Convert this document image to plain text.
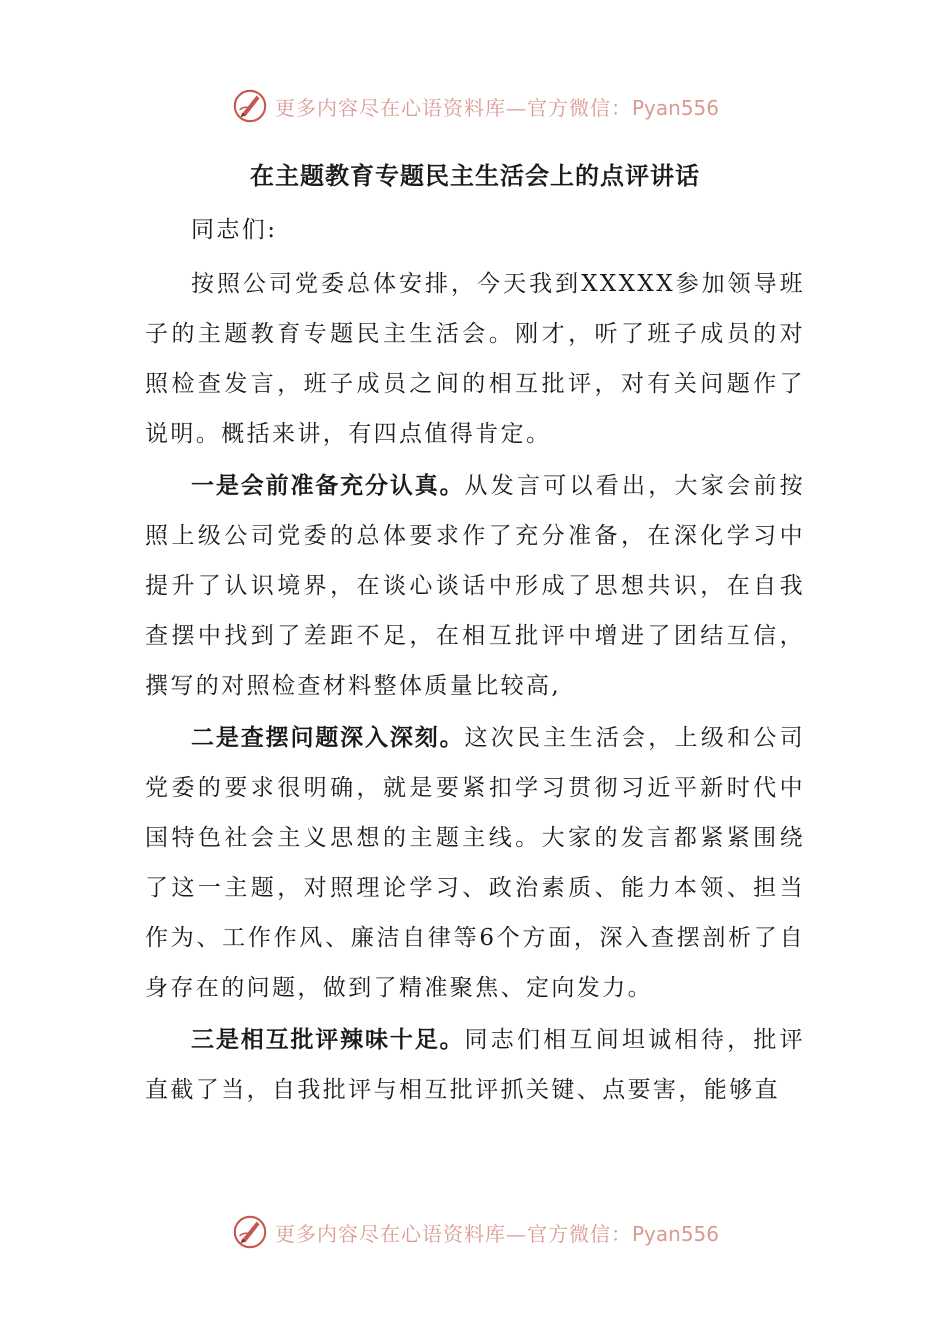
更多内容尽在心语资料库—官方微信：Pyan556
在主题教育专题民主生活会上的点评讲话

同志们:

按照公司党委总体安排，今天我到XXXXX参加领导班子的主题教育专题民主生活会。刚才，听了班子成员的对照检查发言，班子成员之间的相互批评，对有关问题作了说明。概括来讲，有四点值得肯定。

一是会前准备充分认真。从发言可以看出，大家会前按照上级公司党委的总体要求作了充分准备，在深化学习中提升了认识境界，在谈心谈话中形成了思想共识，在自我查摆中找到了差距不足，在相互批评中增进了团结互信，撰写的对照检查材料整体质量比较高,

二是查摆问题深入深刻。这次民主生活会，上级和公司党委的要求很明确，就是要紧扣学习贯彻习近平新时代中国特色社会主义思想的主题主线。大家的发言都紧紧围绕了这一主题，对照理论学习、政治素质、能力本领、担当作为、工作作风、廉洁自律等6个方面，深入查摆剖析了自身存在的问题，做到了精准聚焦、定向发力。

三是相互批评辣味十足。同志们相互间坦诚相待，批评直截了当，自我批评与相互批评抓关键、点要害，能够直

更多内容尽在心语资料库—官方微信：Pyan556
